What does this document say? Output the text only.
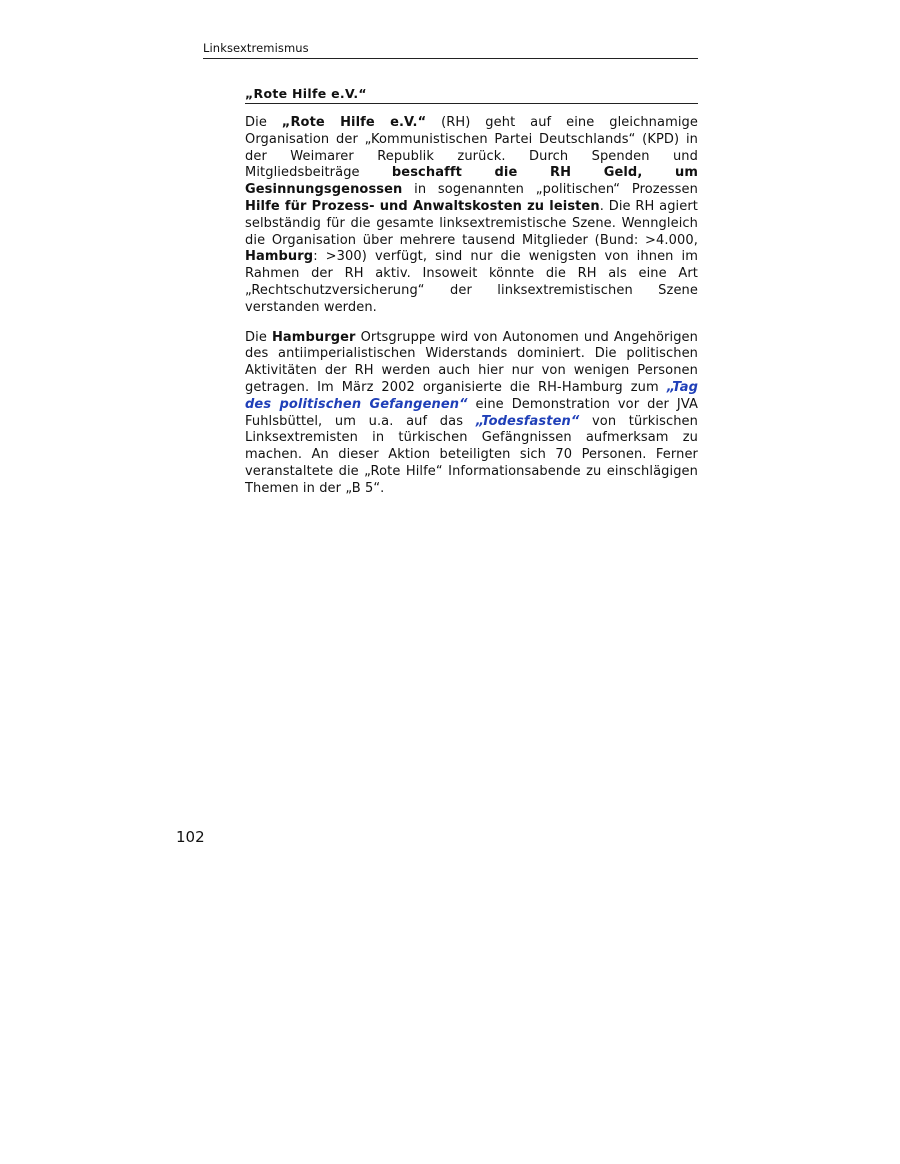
Linksextremismus
„Rote Hilfe e.V.“

Die „Rote Hilfe e.V.“ (RH) geht auf eine gleichnamige Organisation der „Kommunistischen Partei Deutschlands“ (KPD) in der Weimarer Republik zurück. Durch Spenden und Mitgliedsbeiträge beschafft die RH Geld, um Gesinnungsgenossen in sogenannten „politischen“ Prozessen Hilfe für Prozess- und Anwaltskosten zu leisten. Die RH agiert selbständig für die gesamte linksextremistische Szene. Wenngleich die Organisation über mehrere tausend Mitglieder (Bund: >4.000, Hamburg: >300) verfügt, sind nur die wenigsten von ihnen im Rahmen der RH aktiv. Insoweit könnte die RH als eine Art „Rechtschutzversicherung“ der linksextremistischen Szene verstanden werden.

Die Hamburger Ortsgruppe wird von Autonomen und Angehörigen des antiimperialistischen Widerstands dominiert. Die politischen Aktivitäten der RH werden auch hier nur von wenigen Personen getragen. Im März 2002 organisierte die RH-Hamburg zum „Tag des politischen Gefangenen“ eine Demonstration vor der JVA Fuhlsbüttel, um u.a. auf das „Todesfasten“ von türkischen Linksextremisten in türkischen Gefängnissen aufmerksam zu machen. An dieser Aktion beteiligten sich 70 Personen. Ferner veranstaltete die „Rote Hilfe“ Informationsabende zu einschlägigen Themen in der „B 5“.

102
